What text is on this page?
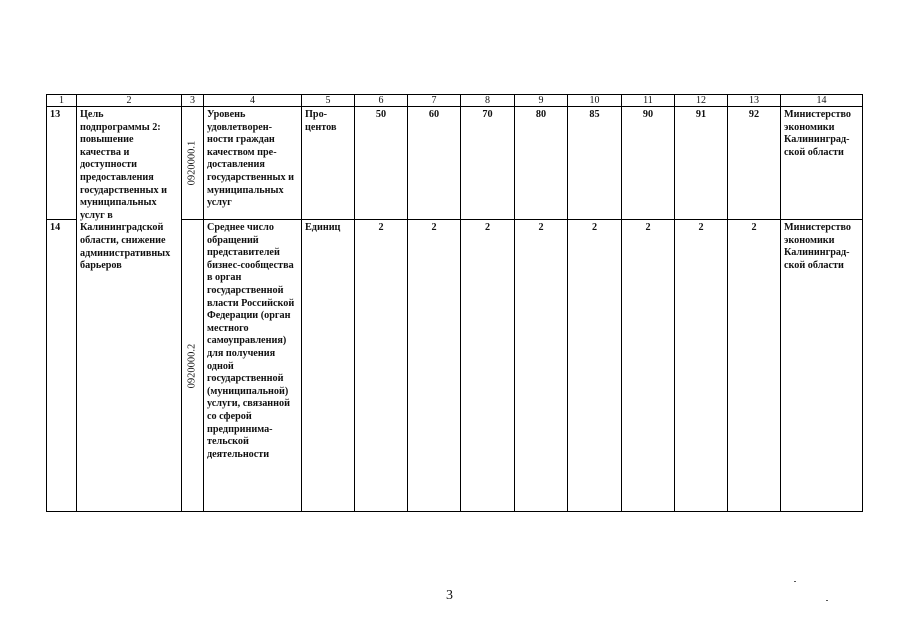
1	2	3	4	5	6	7	8	9	10	11	12	13	14
13	Цель подпрограммы 2: повышение качества и доступности предоставления государственных и муниципальных услуг в Калининградской области, снижение административных барьеров	0920000.1	Уровень удовлетворен-ности граждан качеством пре-доставления государственных и муниципальных услуг	Про-центов	50	60	70	80	85	90	91	92	Министерство экономики Калининград-ской области
14		0920000.2	Среднее число обращений представителей бизнес-сообщества в орган государственной власти Российской Федерации (орган местного самоуправления) для получения одной государственной (муниципальной) услуги, связанной со сферой предпринима-тельской деятельности	Единиц	2	2	2	2	2	2	2	2	Министерство экономики Калининград-ской области
3
